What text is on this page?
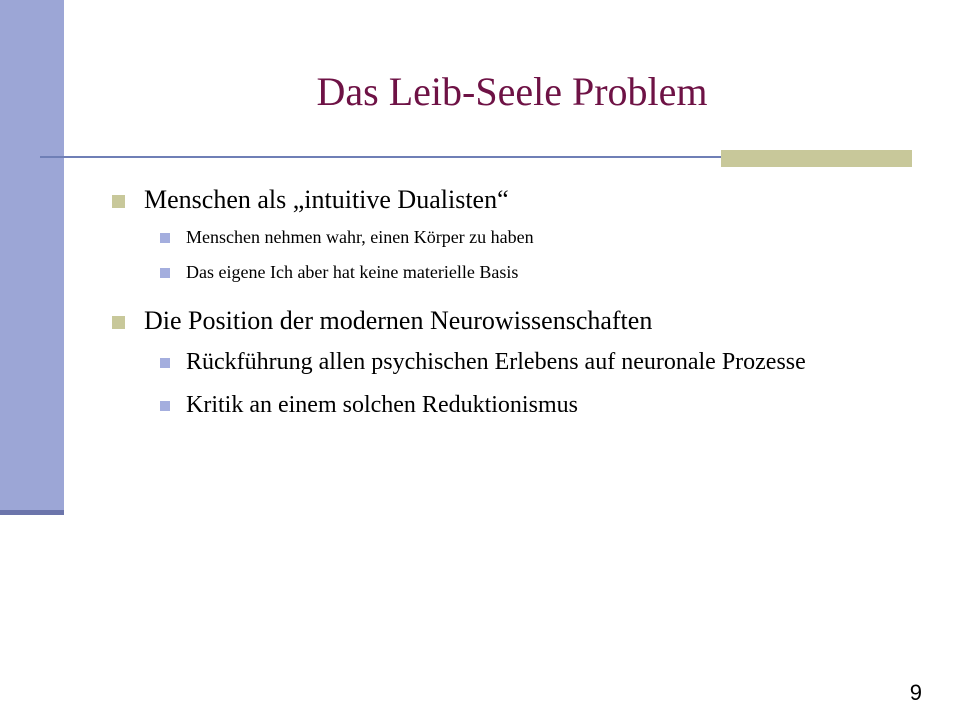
Das Leib-Seele Problem
Menschen als „intuitive Dualisten“
Menschen nehmen wahr, einen Körper zu haben
Das eigene Ich aber hat keine materielle Basis
Die Position der modernen Neurowissenschaften
Rückführung allen psychischen Erlebens auf neuronale Prozesse
Kritik an einem solchen Reduktionismus
9
